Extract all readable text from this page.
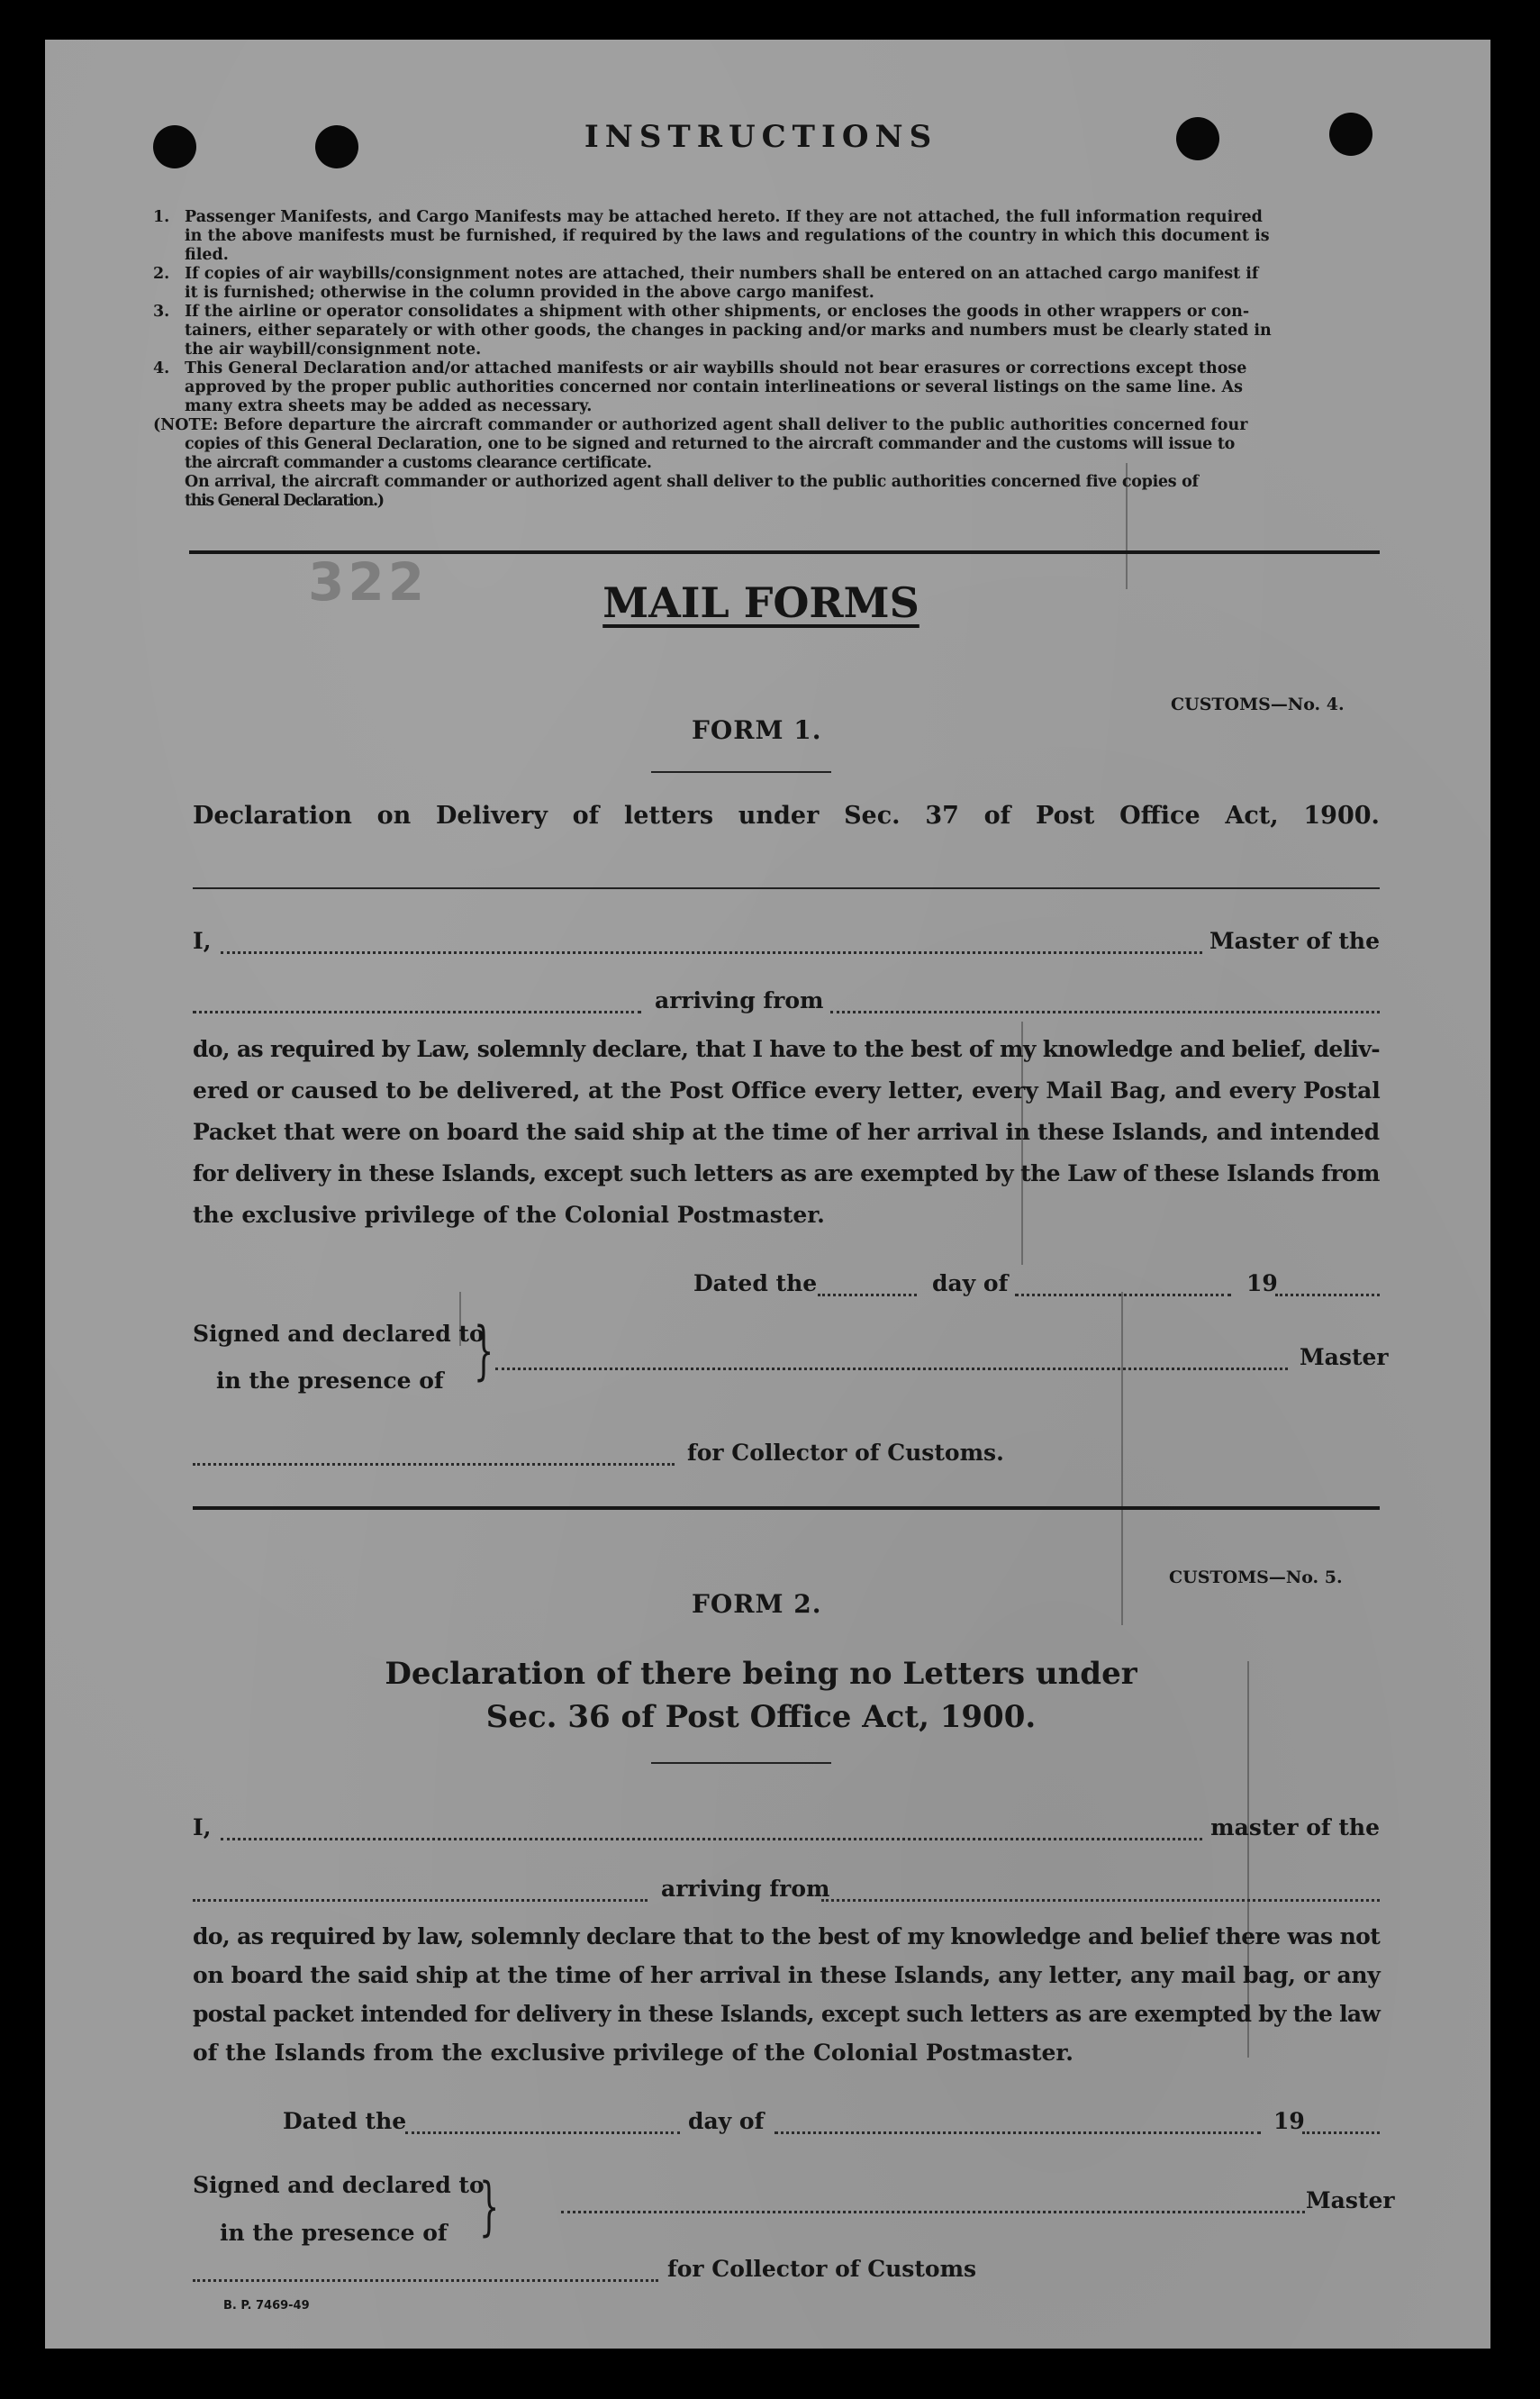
322
INSTRUCTIONS
1. Passenger Manifests, and Cargo Manifests may be attached hereto. If they are not attached, the full information required
in the above manifests must be furnished, if required by the laws and regulations of the country in which this document is
filed.
2. If copies of air waybills/consignment notes are attached, their numbers shall be entered on an attached cargo manifest if
it is furnished; otherwise in the column provided in the above cargo manifest.
3. If the airline or operator consolidates a shipment with other shipments, or encloses the goods in other wrappers or con-
tainers, either separately or with other goods, the changes in packing and/or marks and numbers must be clearly stated in
the air waybill/consignment note.
4. This General Declaration and/or attached manifests or air waybills should not bear erasures or corrections except those
approved by the proper public authorities concerned nor contain interlineations or several listings on the same line. As
many extra sheets may be added as necessary.
(NOTE: Before departure the aircraft commander or authorized agent shall deliver to the public authorities concerned four
copies of this General Declaration, one to be signed and returned to the aircraft commander and the customs will issue to
the aircraft commander a customs clearance certificate.
On arrival, the aircraft commander or authorized agent shall deliver to the public authorities concerned five copies of
this General Declaration.)
MAIL FORMS
CUSTOMS—No. 4.
FORM 1.
Declaration on Delivery of letters under Sec. 37 of Post Office Act, 1900.
I,	Master of the
arriving from
do, as required by Law, solemnly declare, that I have to the best of my knowledge and belief, deliv-
ered or caused to be delivered, at the Post Office every letter, every Mail Bag, and every Postal
Packet that were on board the said ship at the time of her arrival in these Islands, and intended
for delivery in these Islands, except such letters as are exempted by the Law of these Islands from
the exclusive privilege of the Colonial Postmaster.
Dated the	day of	19
Signed and declared to
in the presence of }	Master
for Collector of Customs.
CUSTOMS—No. 5.
FORM 2.
Declaration of there being no Letters under
Sec. 36 of Post Office Act, 1900.
I,	master of the
arriving from
do, as required by law, solemnly declare that to the best of my knowledge and belief there was not
on board the said ship at the time of her arrival in these Islands, any letter, any mail bag, or any
postal packet intended for delivery in these Islands, except such letters as are exempted by the law
of the Islands from the exclusive privilege of the Colonial Postmaster.
Dated the	day of	19
Signed and declared to
in the presence of }	Master
for Collector of Customs
B. P. 7469-49
